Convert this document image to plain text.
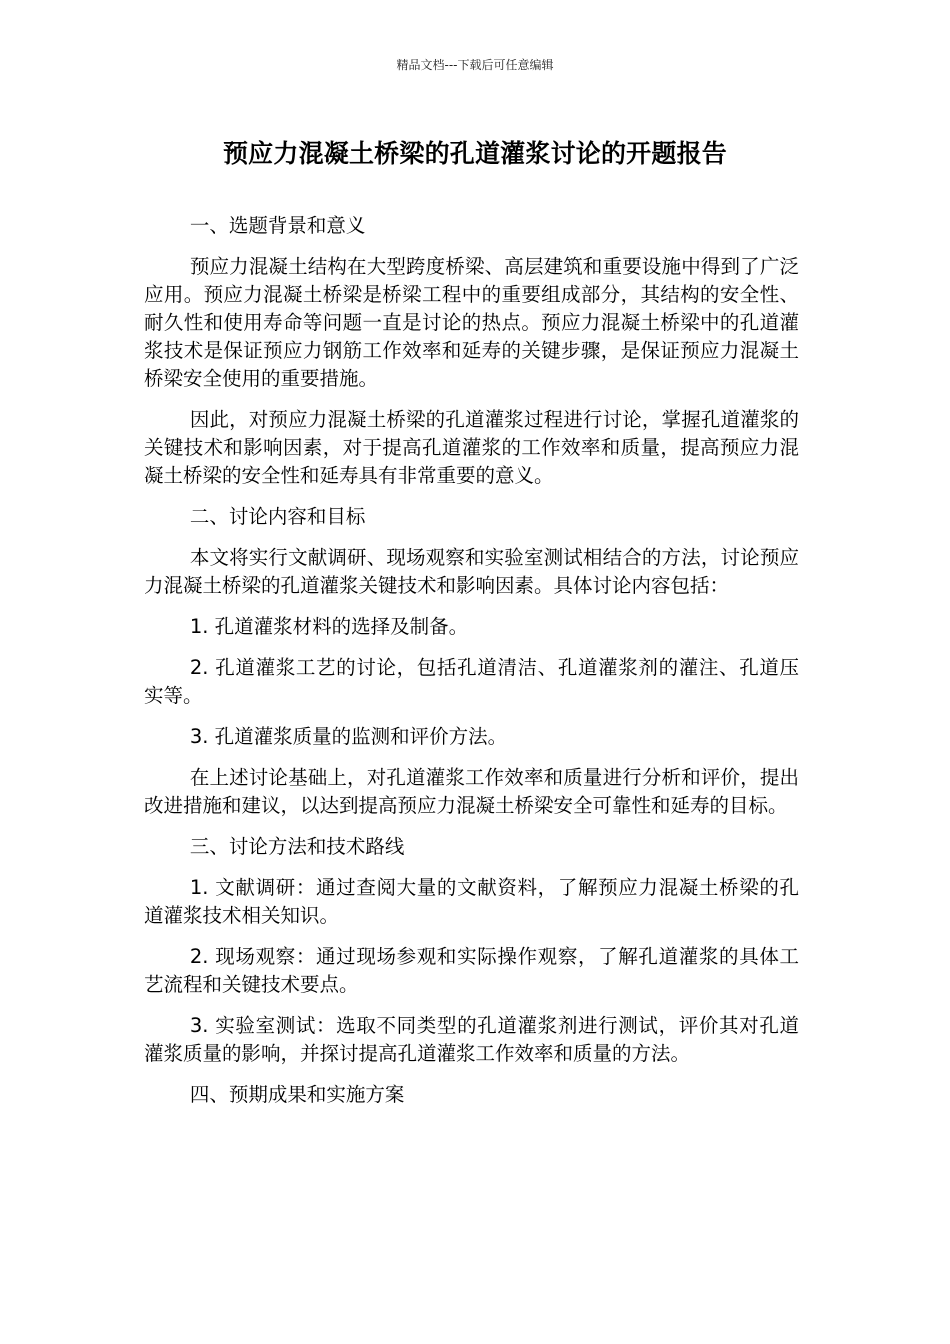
精品文档---下载后可任意编辑
预应力混凝土桥梁的孔道灌浆讨论的开题报告

一、选题背景和意义

预应力混凝土结构在大型跨度桥梁、高层建筑和重要设施中得到了广泛应用。预应力混凝土桥梁是桥梁工程中的重要组成部分，其结构的安全性、耐久性和使用寿命等问题一直是讨论的热点。预应力混凝土桥梁中的孔道灌浆技术是保证预应力钢筋工作效率和延寿的关键步骤，是保证预应力混凝土桥梁安全使用的重要措施。

因此，对预应力混凝土桥梁的孔道灌浆过程进行讨论，掌握孔道灌浆的关键技术和影响因素，对于提高孔道灌浆的工作效率和质量，提高预应力混凝土桥梁的安全性和延寿具有非常重要的意义。

二、讨论内容和目标

本文将实行文献调研、现场观察和实验室测试相结合的方法，讨论预应力混凝土桥梁的孔道灌浆关键技术和影响因素。具体讨论内容包括：

1. 孔道灌浆材料的选择及制备。

2. 孔道灌浆工艺的讨论，包括孔道清洁、孔道灌浆剂的灌注、孔道压实等。

3. 孔道灌浆质量的监测和评价方法。

在上述讨论基础上，对孔道灌浆工作效率和质量进行分析和评价，提出改进措施和建议，以达到提高预应力混凝土桥梁安全可靠性和延寿的目标。

三、讨论方法和技术路线

1. 文献调研：通过查阅大量的文献资料，了解预应力混凝土桥梁的孔道灌浆技术相关知识。

2. 现场观察：通过现场参观和实际操作观察，了解孔道灌浆的具体工艺流程和关键技术要点。

3. 实验室测试：选取不同类型的孔道灌浆剂进行测试，评价其对孔道灌浆质量的影响，并探讨提高孔道灌浆工作效率和质量的方法。

四、预期成果和实施方案
